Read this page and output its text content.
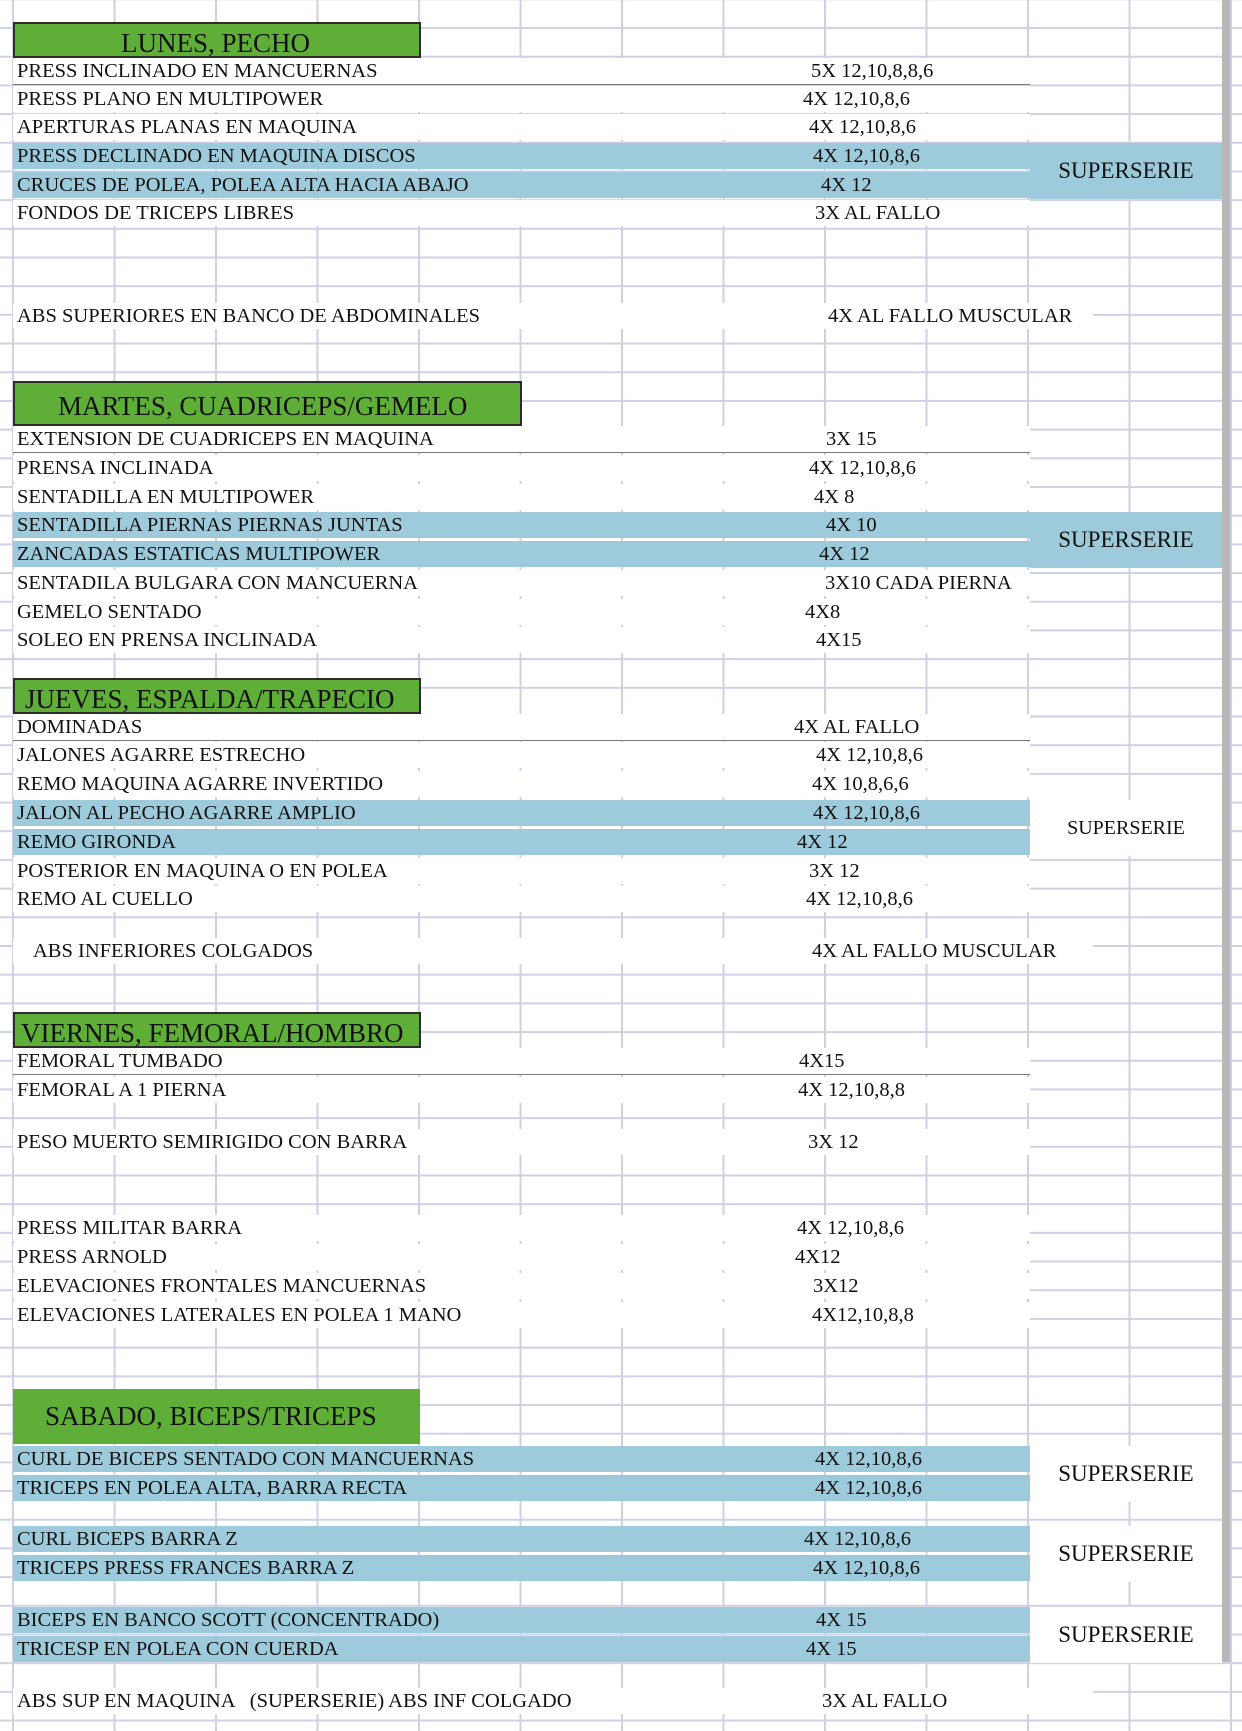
LUNES, PECHO
PRESS INCLINADO EN MANCUERNAS	5X 12,10,8,8,6
PRESS PLANO EN MULTIPOWER	4X 12,10,8,6
APERTURAS PLANAS EN MAQUINA	4X 12,10,8,6
PRESS DECLINADO EN MAQUINA DISCOS	4X 12,10,8,6
CRUCES DE POLEA, POLEA ALTA HACIA ABAJO	4X 12
SUPERSERIE
FONDOS DE TRICEPS LIBRES	3X AL FALLO
ABS SUPERIORES EN BANCO DE ABDOMINALES	4X AL FALLO MUSCULAR
MARTES, CUADRICEPS/GEMELO
EXTENSION DE CUADRICEPS EN MAQUINA	3X 15
PRENSA INCLINADA	4X 12,10,8,6
SENTADILLA EN MULTIPOWER	4X 8
SENTADILLA PIERNAS PIERNAS JUNTAS	4X 10
ZANCADAS ESTATICAS MULTIPOWER	4X 12
SUPERSERIE
SENTADILA BULGARA CON MANCUERNA	3X10 CADA PIERNA
GEMELO SENTADO	4X8
SOLEO EN PRENSA INCLINADA	4X15
JUEVES, ESPALDA/TRAPECIO
DOMINADAS	4X AL FALLO
JALONES AGARRE ESTRECHO	4X 12,10,8,6
REMO MAQUINA AGARRE INVERTIDO	4X 10,8,6,6
JALON AL PECHO AGARRE AMPLIO	4X 12,10,8,6
REMO GIRONDA	4X 12
SUPERSERIE
POSTERIOR EN MAQUINA O EN POLEA	3X 12
REMO AL CUELLO	4X 12,10,8,6
ABS INFERIORES COLGADOS	4X AL FALLO MUSCULAR
VIERNES, FEMORAL/HOMBRO
FEMORAL TUMBADO	4X15
FEMORAL A 1 PIERNA	4X 12,10,8,8
PESO MUERTO SEMIRIGIDO CON BARRA	3X 12
PRESS MILITAR BARRA	4X 12,10,8,6
PRESS ARNOLD	4X12
ELEVACIONES FRONTALES MANCUERNAS	3X12
ELEVACIONES LATERALES EN POLEA 1 MANO	4X12,10,8,8
SABADO, BICEPS/TRICEPS
CURL DE BICEPS SENTADO CON MANCUERNAS	4X 12,10,8,6
TRICEPS EN POLEA ALTA, BARRA RECTA	4X 12,10,8,6
SUPERSERIE
CURL BICEPS BARRA Z	4X 12,10,8,6
TRICEPS PRESS FRANCES BARRA Z	4X 12,10,8,6
SUPERSERIE
BICEPS EN BANCO SCOTT (CONCENTRADO)	4X 15
TRICESP EN POLEA CON CUERDA	4X 15
SUPERSERIE
ABS SUP EN MAQUINA   (SUPERSERIE) ABS INF COLGADO	3X AL FALLO
